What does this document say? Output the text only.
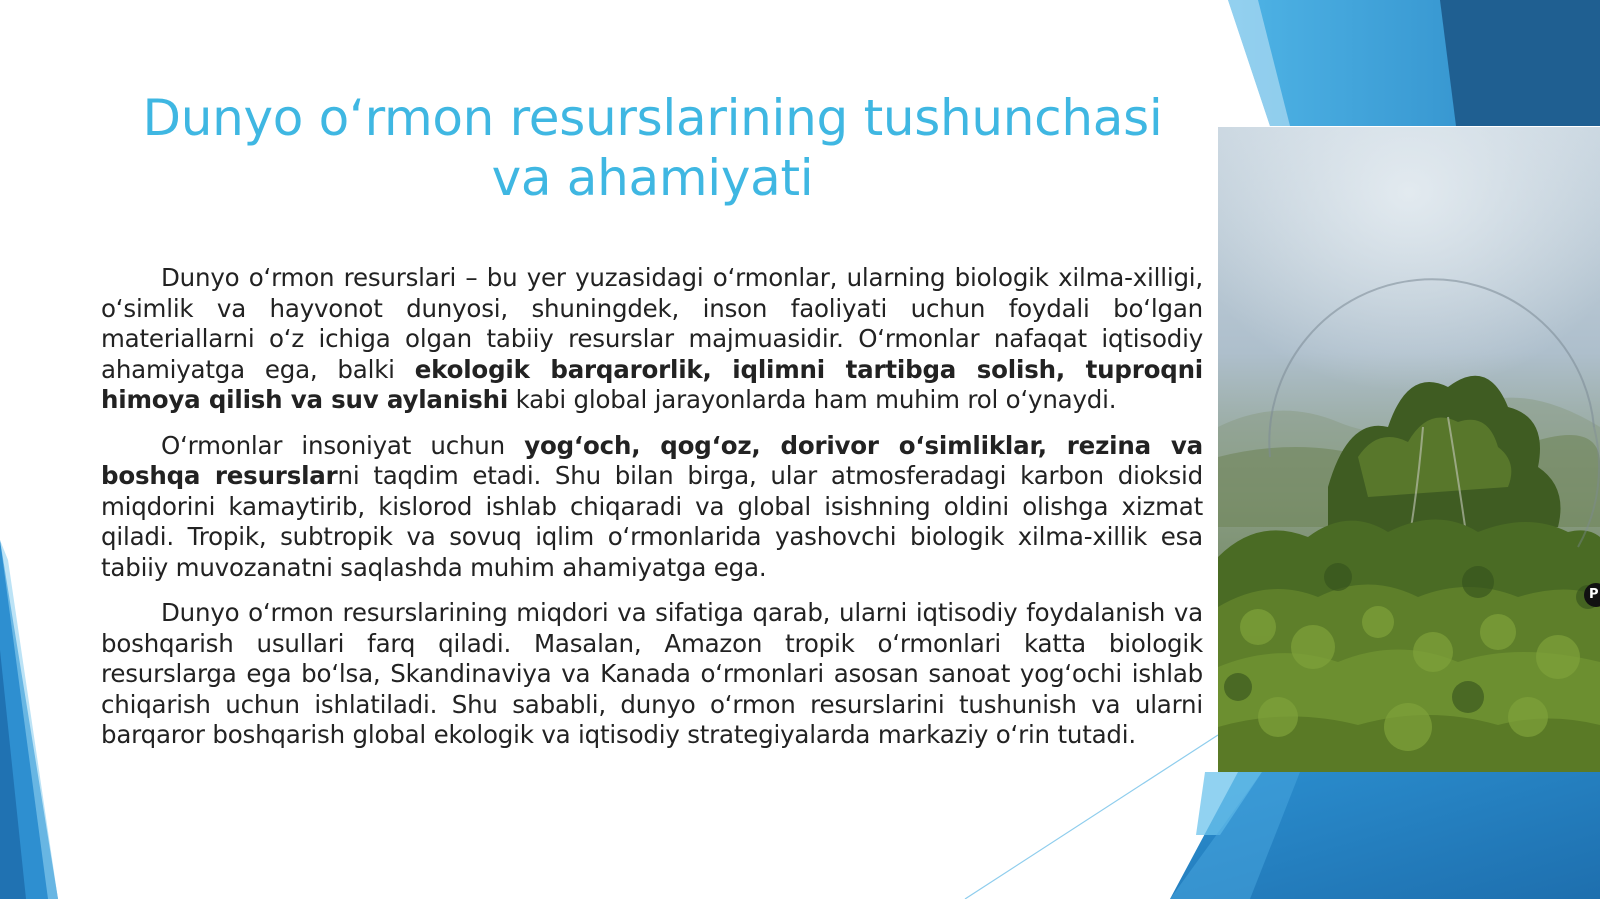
Dunyo o‘rmon resurslarining tushunchasi
va ahamiyati

Dunyo o‘rmon resurslari – bu yer yuzasidagi o‘rmonlar, ularning biologik xilma-xilligi, o‘simlik va hayvonot dunyosi, shuningdek, inson faoliyati uchun foydali bo‘lgan materiallarni o‘z ichiga olgan tabiiy resurslar majmuasidir. O‘rmonlar nafaqat iqtisodiy ahamiyatga ega, balki ekologik barqarorlik, iqlimni tartibga solish, tuproqni himoya qilish va suv aylanishi kabi global jarayonlarda ham muhim rol o‘ynaydi.

O‘rmonlar insoniyat uchun yog‘och, qog‘oz, dorivor o‘simliklar, rezina va boshqa resurslarni taqdim etadi. Shu bilan birga, ular atmosferadagi karbon dioksid miqdorini kamaytirib, kislorod ishlab chiqaradi va global isishning oldini olishga xizmat qiladi. Tropik, subtropik va sovuq iqlim o‘rmonlarida yashovchi biologik xilma-xillik esa tabiiy muvozanatni saqlashda muhim ahamiyatga ega.

Dunyo o‘rmon resurslarining miqdori va sifatiga qarab, ularni iqtisodiy foydalanish va boshqarish usullari farq qiladi. Masalan, Amazon tropik o‘rmonlari katta biologik resurslarga ega bo‘lsa, Skandinaviya va Kanada o‘rmonlari asosan sanoat yog‘ochi ishlab chiqarish uchun ishlatiladi. Shu sababli, dunyo o‘rmon resurslarini tushunish va ularni barqaror boshqarish global ekologik va iqtisodiy strategiyalarda markaziy o‘rin tutadi.

P
